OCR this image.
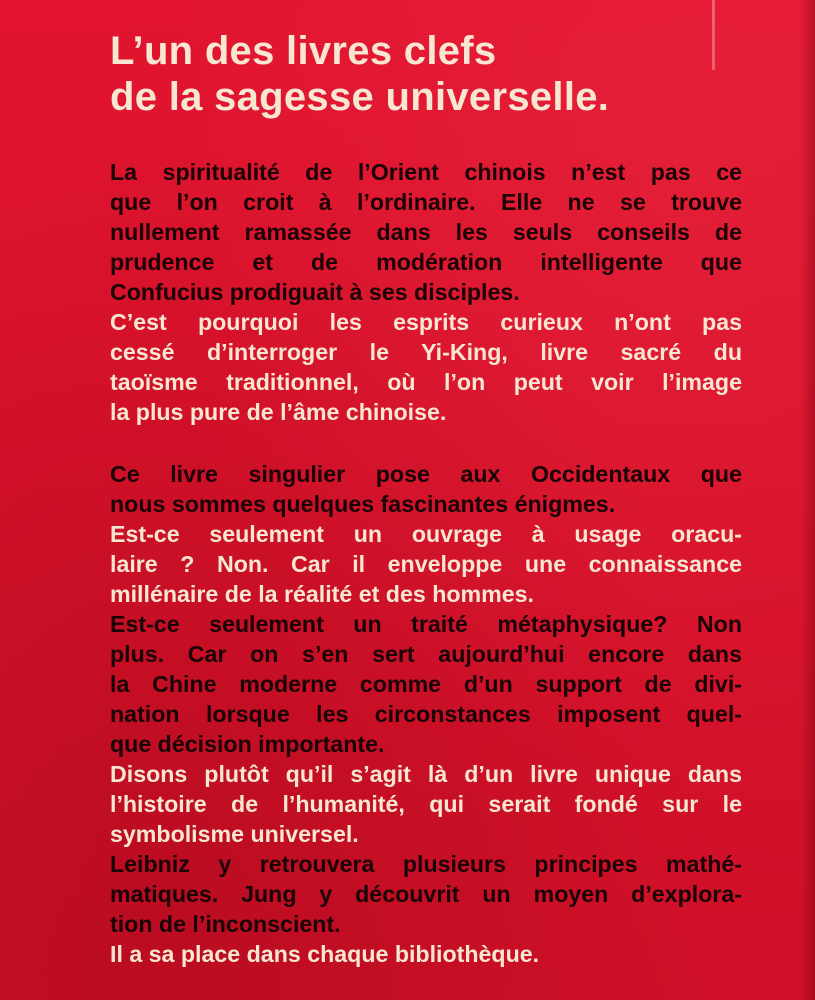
L’un des livres clefs
de la sagesse universelle.
La spiritualité de l’Orient chinois n’est pas ce
que l’on croit à l’ordinaire. Elle ne se trouve
nullement ramassée dans les seuls conseils de
prudence et de modération intelligente que
Confucius prodiguait à ses disciples.
C’est pourquoi les esprits curieux n’ont pas
cessé d’interroger le Yi-King, livre sacré du
taoïsme traditionnel, où l’on peut voir l’image
la plus pure de l’âme chinoise.
Ce livre singulier pose aux Occidentaux que
nous sommes quelques fascinantes énigmes.
Est-ce seulement un ouvrage à usage oracu-
laire ? Non. Car il enveloppe une connaissance
millénaire de la réalité et des hommes.
Est-ce seulement un traité métaphysique? Non
plus. Car on s’en sert aujourd’hui encore dans
la Chine moderne comme d’un support de divi-
nation lorsque les circonstances imposent quel-
que décision importante.
Disons plutôt qu’il s’agit là d’un livre unique dans
l’histoire de l’humanité, qui serait fondé sur le
symbolisme universel.
Leibniz y retrouvera plusieurs principes mathé-
matiques. Jung y découvrit un moyen d’explora-
tion de l’inconscient.
Il a sa place dans chaque bibliothèque.
